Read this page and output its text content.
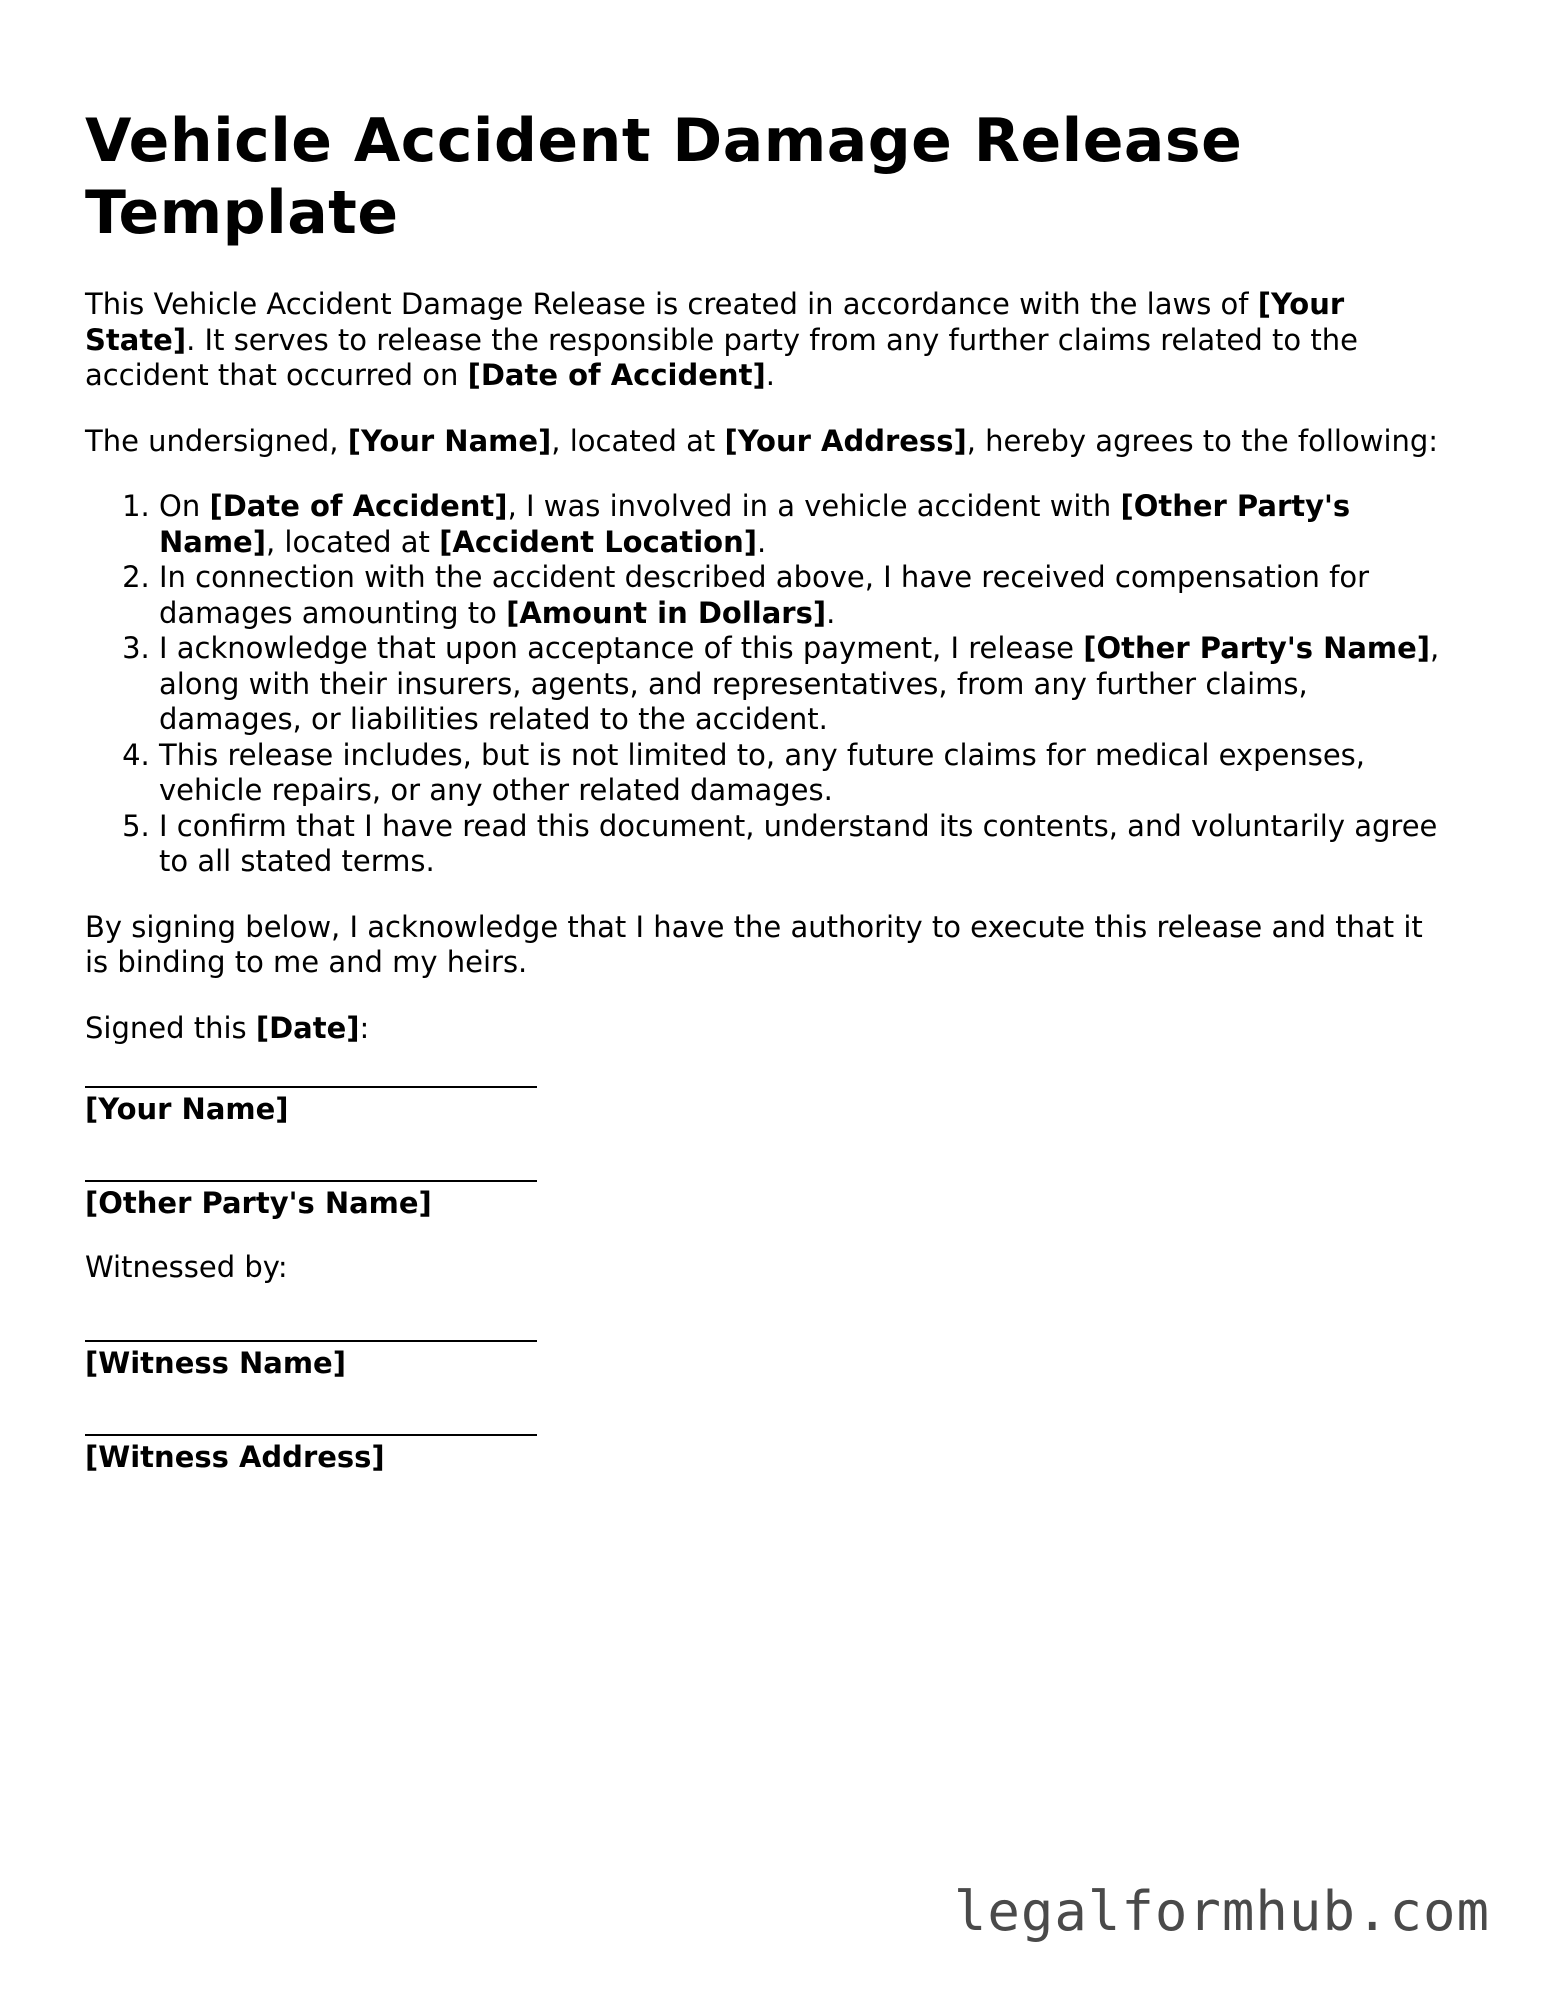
Vehicle Accident Damage Release Template

This Vehicle Accident Damage Release is created in accordance with the laws of [Your State]. It serves to release the responsible party from any further claims related to the accident that occurred on [Date of Accident].

The undersigned, [Your Name], located at [Your Address], hereby agrees to the following:

1. On [Date of Accident], I was involved in a vehicle accident with [Other Party's Name], located at [Accident Location].
2. In connection with the accident described above, I have received compensation for damages amounting to [Amount in Dollars].
3. I acknowledge that upon acceptance of this payment, I release [Other Party's Name], along with their insurers, agents, and representatives, from any further claims, damages, or liabilities related to the accident.
4. This release includes, but is not limited to, any future claims for medical expenses, vehicle repairs, or any other related damages.
5. I confirm that I have read this document, understand its contents, and voluntarily agree to all stated terms.

By signing below, I acknowledge that I have the authority to execute this release and that it is binding to me and my heirs.

Signed this [Date]:

[Your Name]
[Other Party's Name]

Witnessed by:

[Witness Name]
[Witness Address]
legalformhub.com
